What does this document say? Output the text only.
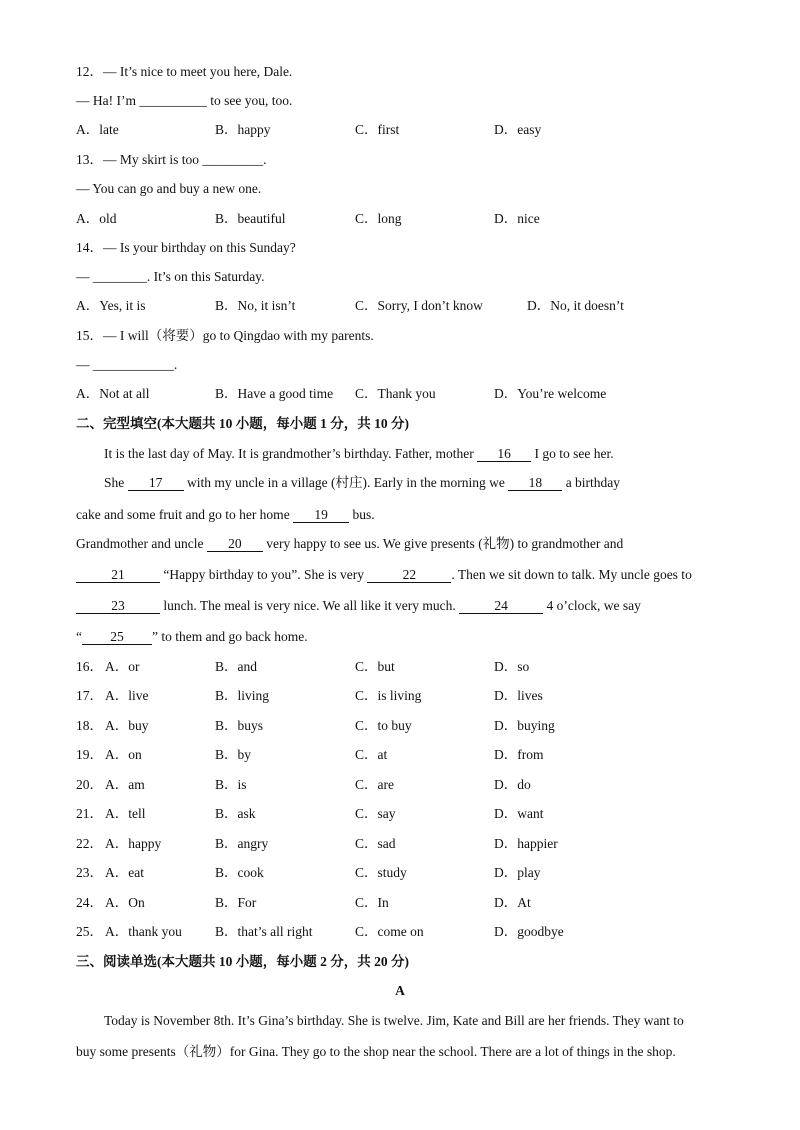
12．— It’s nice to meet you here, Dale.
— Ha! I’m __________ to see you, too.
A．late	B．happy	C．first	D．easy
13．— My skirt is too _________.
— You can go and buy a new one.
A．old	B．beautiful	C．long	D．nice
14．— Is your birthday on this Sunday?
— ________. It’s on this Saturday.
A．Yes, it is	B．No, it isn’t	C．Sorry, I don’t know	D．No, it doesn’t
15．— I will（将要）go to Qingdao with my parents.
— ____________.
A．Not at all	B．Have a good time C．Thank you	D．You’re welcome
二、完型填空(本大题共 10 小题，每小题 1 分，共 10 分)
It is the last day of May. It is grandmother’s birthday. Father, mother 16 I go to see her.
She 17 with my uncle in a village (村庄). Early in the morning we 18 a birthday
cake and some fruit and go to her home 19 bus.
Grandmother and uncle 20 very happy to see us. We give presents (礼物) to grandmother and
21	“Happy birthday to you”. She is very	22	. Then we sit down to talk. My uncle goes to
23	lunch. The meal is very nice. We all like it very much.	24	4 o’clock, we say
“ 25 ” to them and go back home.
16． A．or	B．and	C．but	D．so
17． A．live	B．living	C．is living	D．lives
18． A．buy	B．buys	C．to buy	D．buying
19． A．on	B．by	C．at	D．from
20． A．am	B．is	C．are	D．do
21． A．tell	B．ask	C．say	D．want
22． A．happy	B．angry	C．sad	D．happier
23． A．eat	B．cook	C．study	D．play
24． A．On	B．For	C．In	D．At
25． A．thank you B．that’s all right	C．come on	D．goodbye
三、阅读单选(本大题共 10 小题，每小题 2 分，共 20 分)
A
Today is November 8th. It’s Gina’s birthday. She is twelve. Jim, Kate and Bill are her friends. They want to
buy some presents（礼物）for Gina. They go to the shop near the school. There are a lot of things in the shop.
